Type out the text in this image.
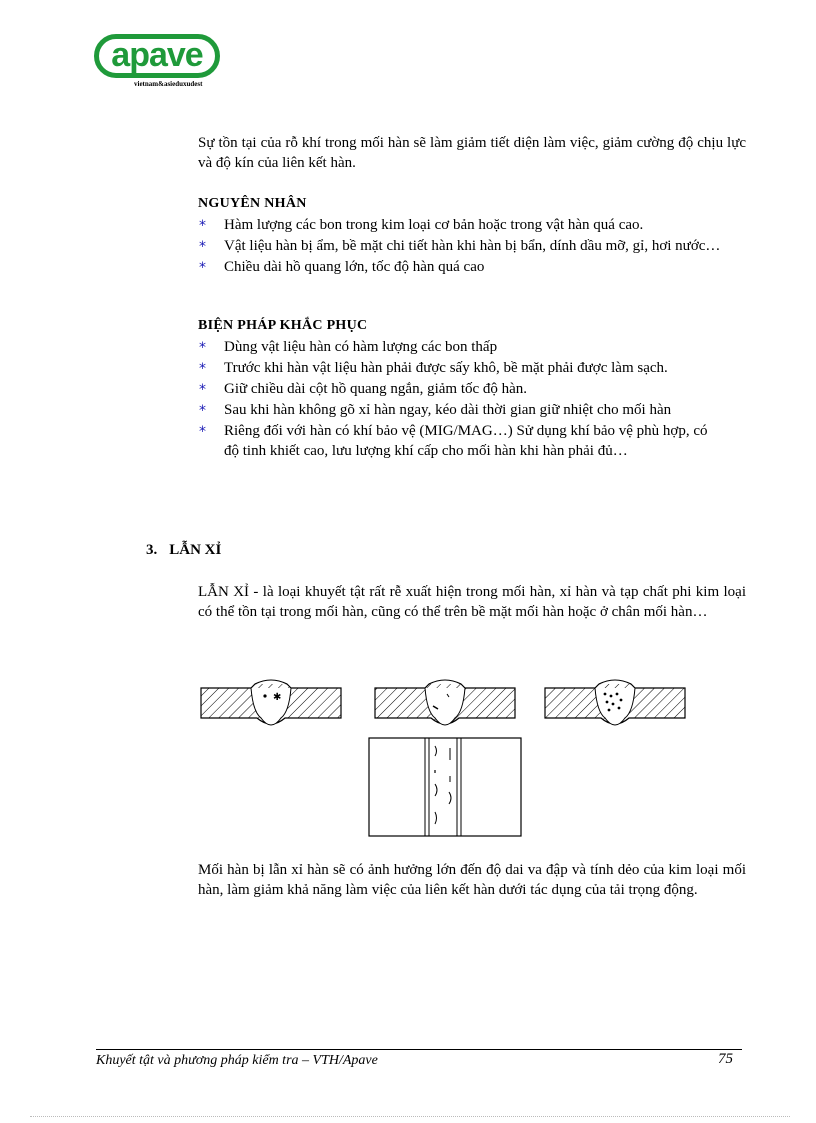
apave
vietnam&asieduxudest

Sự tồn tại của rỗ khí trong mối hàn sẽ làm giảm tiết diện làm việc, giảm cường độ chịu lực và độ kín của liên kết hàn.

NGUYÊN NHÂN

* Hàm lượng các bon trong kim loại cơ bản hoặc trong vật hàn quá cao.
* Vật liệu hàn bị ẩm, bề mặt chi tiết hàn khi hàn bị bẩn, dính dầu mỡ, gỉ, hơi nước…
* Chiều dài hồ quang lớn, tốc độ hàn quá cao

BIỆN PHÁP KHẮC PHỤC

* Dùng vật liệu hàn có hàm lượng các bon thấp
* Trước khi hàn vật liệu hàn phải được sấy khô, bề mặt phải được làm sạch.
* Giữ chiều dài cột hồ quang ngắn, giảm tốc độ hàn.
* Sau khi hàn không gõ xỉ hàn ngay, kéo dài thời gian giữ nhiệt cho mối hàn
* Riêng đối với hàn có khí bảo vệ (MIG/MAG…) Sử dụng khí bảo vệ phù hợp, có độ tinh khiết cao, lưu lượng khí cấp cho mối hàn khi hàn phải đủ…
3. LẪN XỈ

LẪN XỈ - là loại khuyết tật rất rễ xuất hiện trong mối hàn, xỉ hàn và tạp chất phi kim loại có thể tồn tại trong mối hàn, cũng có thể trên bề mặt mối hàn hoặc ở chân mối hàn…

✱

Mối hàn bị lẫn xỉ hàn sẽ có ảnh hưởng lớn đến độ dai va đập và tính dẻo của kim loại mối hàn, làm giảm khả năng làm việc của liên kết hàn dưới tác dụng của tải trọng động.

Khuyết tật và phương pháp kiểm tra – VTH/Apave	75
